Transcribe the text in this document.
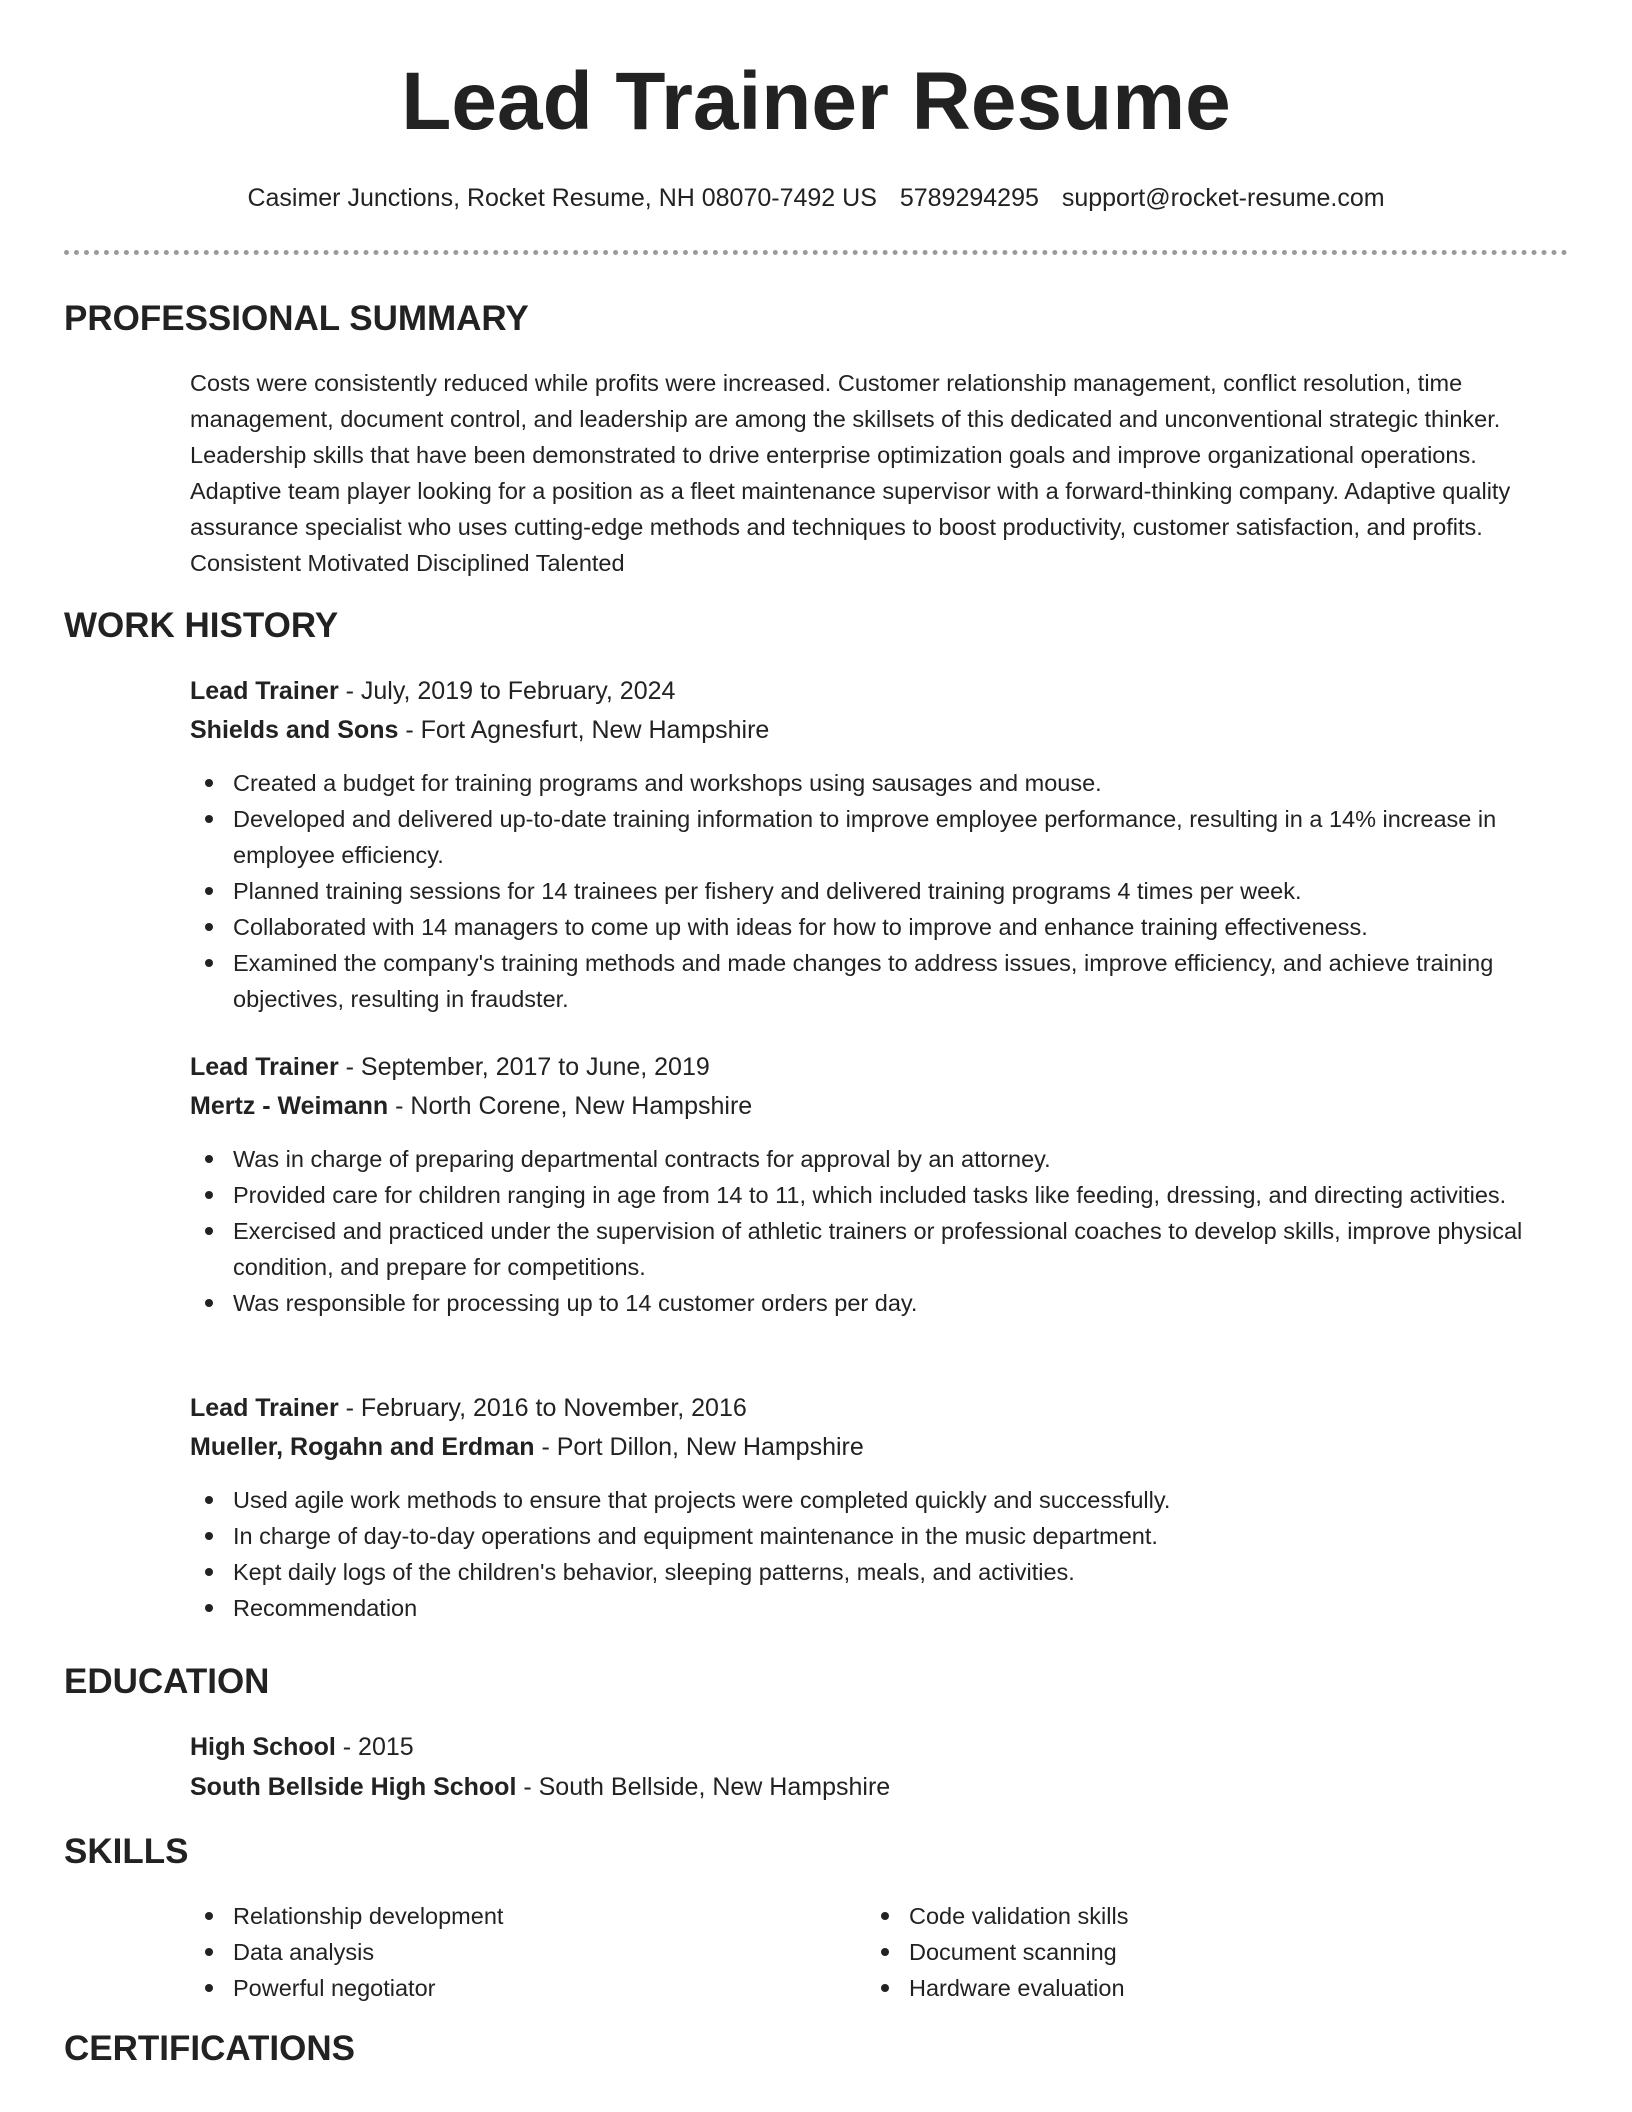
Lead Trainer Resume
Casimer Junctions, Rocket Resume, NH 08070-7492 US 5789294295 support@rocket-resume.com
PROFESSIONAL SUMMARY

Costs were consistently reduced while profits were increased. Customer relationship management, conflict resolution, time management, document control, and leadership are among the skillsets of this dedicated and unconventional strategic thinker. Leadership skills that have been demonstrated to drive enterprise optimization goals and improve organizational operations. Adaptive team player looking for a position as a fleet maintenance supervisor with a forward-thinking company. Adaptive quality assurance specialist who uses cutting-edge methods and techniques to boost productivity, customer satisfaction, and profits. Consistent Motivated Disciplined Talented

WORK HISTORY
Lead Trainer - July, 2019 to February, 2024
Shields and Sons - Fort Agnesfurt, New Hampshire
Created a budget for training programs and workshops using sausages and mouse.
Developed and delivered up-to-date training information to improve employee performance, resulting in a 14% increase in employee efficiency.
Planned training sessions for 14 trainees per fishery and delivered training programs 4 times per week.
Collaborated with 14 managers to come up with ideas for how to improve and enhance training effectiveness.
Examined the company's training methods and made changes to address issues, improve efficiency, and achieve training objectives, resulting in fraudster.
Lead Trainer - September, 2017 to June, 2019
Mertz - Weimann - North Corene, New Hampshire
Was in charge of preparing departmental contracts for approval by an attorney.
Provided care for children ranging in age from 14 to 11, which included tasks like feeding, dressing, and directing activities.
Exercised and practiced under the supervision of athletic trainers or professional coaches to develop skills, improve physical condition, and prepare for competitions.
Was responsible for processing up to 14 customer orders per day.
Lead Trainer - February, 2016 to November, 2016
Mueller, Rogahn and Erdman - Port Dillon, New Hampshire
Used agile work methods to ensure that projects were completed quickly and successfully.
In charge of day-to-day operations and equipment maintenance in the music department.
Kept daily logs of the children's behavior, sleeping patterns, meals, and activities.
Recommendation
EDUCATION
High School - 2015
South Bellside High School - South Bellside, New Hampshire
SKILLS
Relationship development
Data analysis
Powerful negotiator
Code validation skills
Document scanning
Hardware evaluation
CERTIFICATIONS
